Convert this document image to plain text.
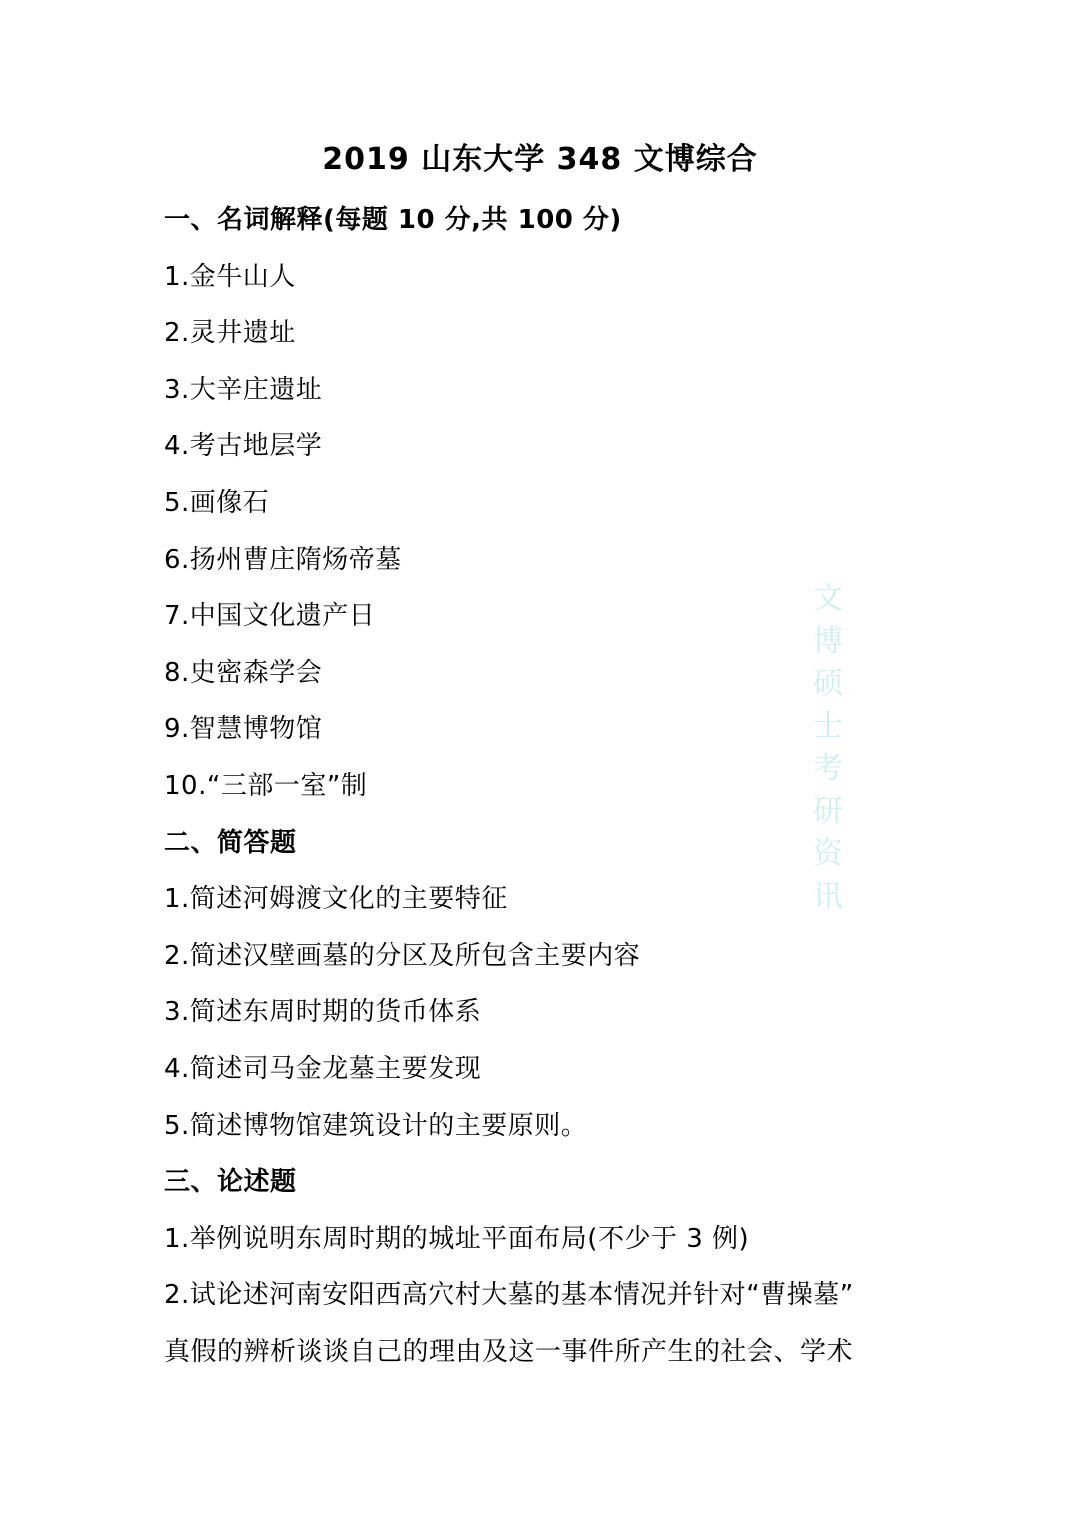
2019 山东大学 348 文博综合
一、名词解释(每题 10 分,共 100 分)
1.金牛山人
2.灵井遗址
3.大辛庄遗址
4.考古地层学
5.画像石
6.扬州曹庄隋炀帝墓
7.中国文化遗产日
8.史密森学会
9.智慧博物馆
10.“三部一室”制
二、简答题
1.简述河姆渡文化的主要特征
2.简述汉壁画墓的分区及所包含主要内容
3.简述东周时期的货币体系
4.简述司马金龙墓主要发现
5.简述博物馆建筑设计的主要原则。
三、论述题
1.举例说明东周时期的城址平面布局(不少于 3 例)
2.试论述河南安阳西高穴村大墓的基本情况并针对“曹操墓”
真假的辨析谈谈自己的理由及这一事件所产生的社会、学术
文
博
硕
士
考
研
资
讯
